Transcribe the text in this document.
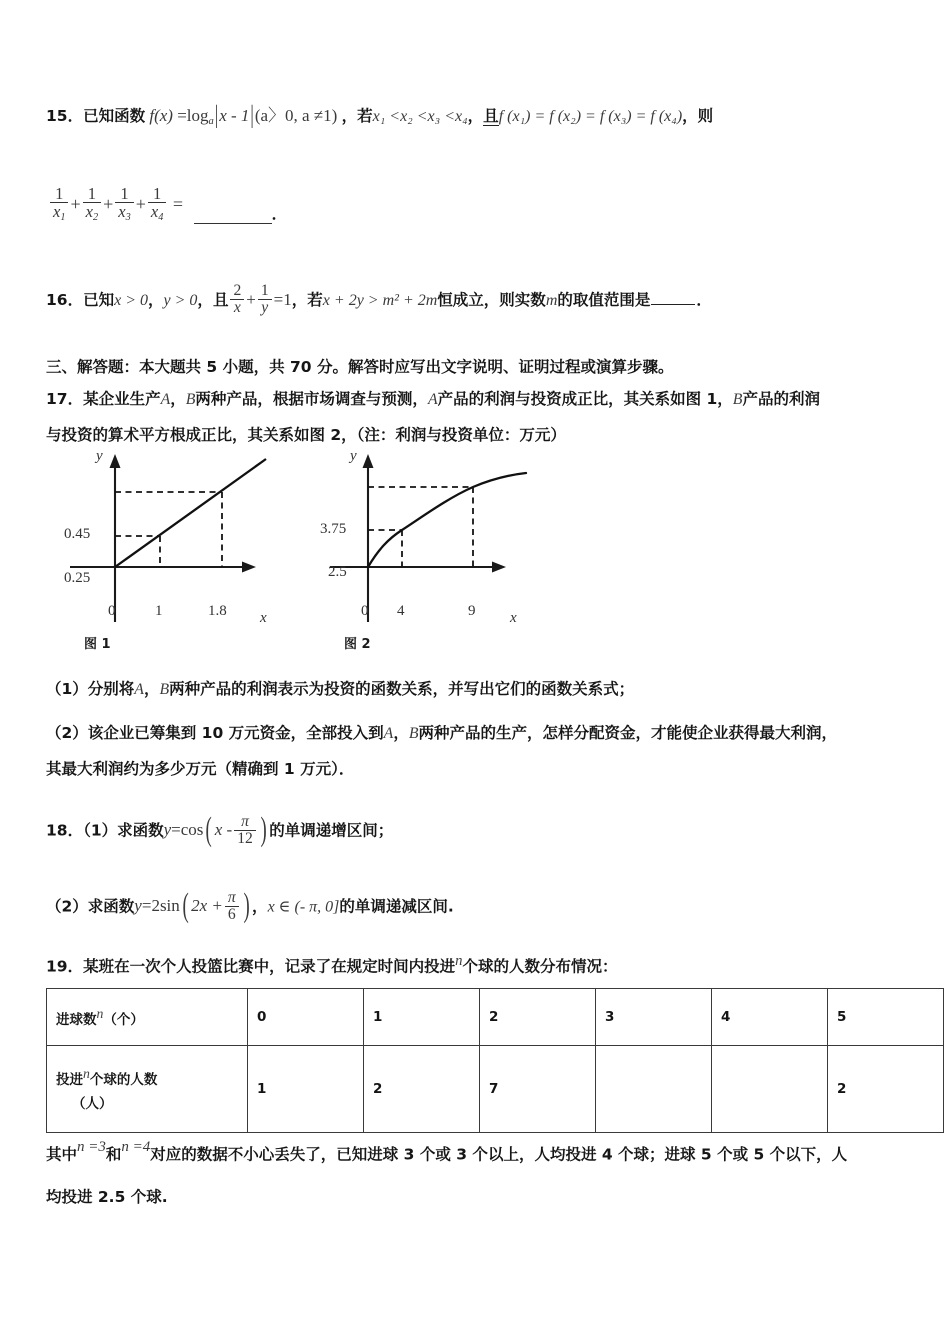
15．已知函数 $f(x) =\log_a|x - 1|(a$〉0, a ≠1) ，若x₁ <x₂ <x₃ <x₄，且f (x₁) = f (x₂) = f (x₃) = f (x₄)，则
$\frac{1}{x_1} + \frac{1}{x_2} + \frac{1}{x_3} + \frac{1}{x_4}$ =	．
16．已知x > 0，y > 0，且 $\frac{2}{x} + \frac{1}{y} =1$，若x + 2y > m² + 2m恒成立，则实数m的取值范围是	．
三、解答题：本大题共 5 小题，共 70 分。解答时应写出文字说明、证明过程或演算步骤。
17．某企业生产A，B两种产品，根据市场调查与预测，A产品的利润与投资成正比，其关系如图 1，B产品的利润
与投资的算术平方根成正比，其关系如图 2，（注：利润与投资单位：万元）
0.45
0.25
0	1	1.8 x
y
图 1
3.75
2.5
0 4	9 x
y
图 2
（1）分别将A，B两种产品的利润表示为投资的函数关系，并写出它们的函数关系式；
（2）该企业已筹集到 10 万元资金，全部投入到A，B两种产品的生产，怎样分配资金，才能使企业获得最大利润，
其最大利润约为多少万元（精确到 1 万元）．
18．（1）求函数y=cos( x - $\frac{\pi}{12}$ ) 的单调递增区间；
（2）求函数y=2sin( $2x + \frac{\pi}{6}$ ) ，x ∈ (- π, 0]的单调递减区间.
19．某班在一次个人投篮比赛中，记录了在规定时间内投进n个球的人数分布情况：
进球数n（个）	0	1	2	3	4	5
投进n个球的人数
（人）	1	2	7			2
其中n =3和n =4对应的数据不小心丢失了，已知进球 3 个或 3 个以上，人均投进 4 个球；进球 5 个或 5 个以下，人
均投进 2.5 个球.
